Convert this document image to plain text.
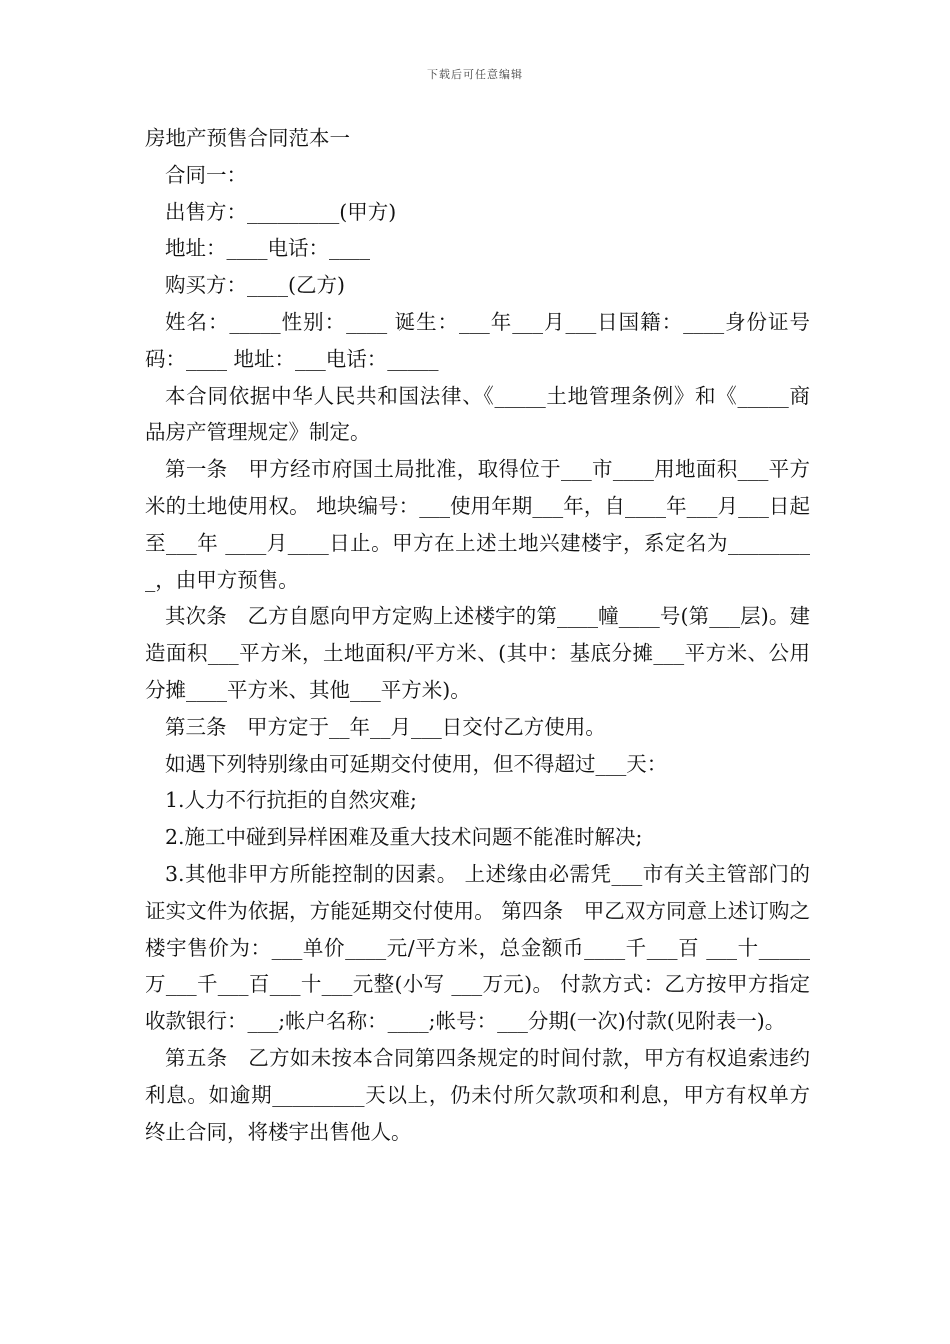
下载后可任意编辑
房地产预售合同范本一

合同一：

出售方：_________(甲方)

地址：____电话：____

购买方：____(乙方)

姓名：_____性别：____ 诞生：___年___月___日国籍：____身份证号码：____ 地址：___电话：_____

本合同依据中华人民共和国法律、《_____土地管理条例》和《_____商品房产管理规定》制定。

第一条　甲方经市府国土局批准，取得位于___市____用地面积___平方米的土地使用权。 地块编号：___使用年期___年，自____年___月___日起至___年 ____月____日止。甲方在上述土地兴建楼宇，系定名为_________，由甲方预售。

其次条　乙方自愿向甲方定购上述楼宇的第____幢____号(第___层)。建造面积___平方米，土地面积/平方米、(其中：基底分摊___平方米、公用分摊____平方米、其他___平方米)。

第三条　甲方定于__年__月___日交付乙方使用。

如遇下列特别缘由可延期交付使用，但不得超过___天：

1.人力不行抗拒的自然灾难;

2.施工中碰到异样困难及重大技术问题不能准时解决;

3.其他非甲方所能控制的因素。 上述缘由必需凭___市有关主管部门的证实文件为依据，方能延期交付使用。 第四条　甲乙双方同意上述订购之楼宇售价为：___单价____元/平方米，总金额币____千___百 ___十_____万___千___百___十___元整(小写 ___万元)。 付款方式：乙方按甲方指定收款银行：___;帐户名称：____;帐号：___分期(一次)付款(见附表一)。

第五条　乙方如未按本合同第四条规定的时间付款，甲方有权追索违约利息。如逾期_________天以上，仍未付所欠款项和利息，甲方有权单方终止合同，将楼宇出售他人。
